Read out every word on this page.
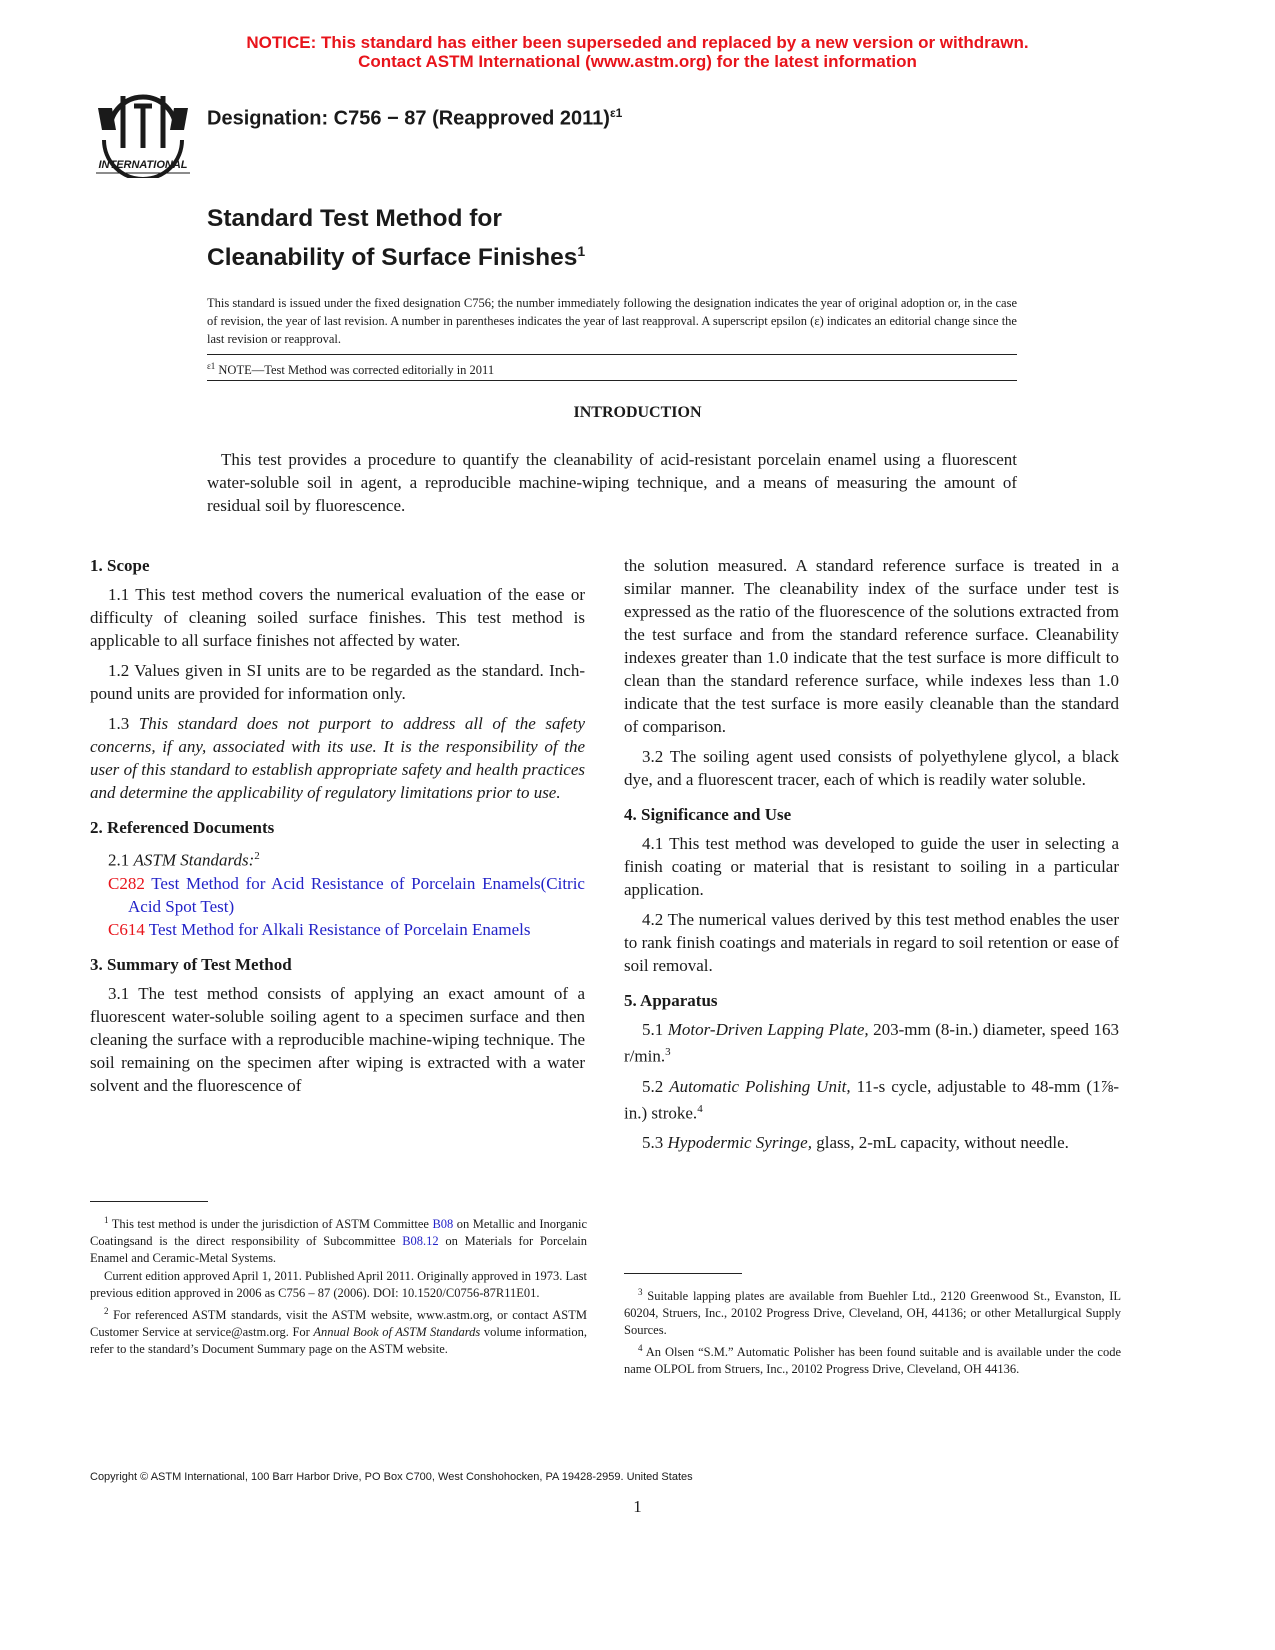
NOTICE: This standard has either been superseded and replaced by a new version or withdrawn.
Contact ASTM International (www.astm.org) for the latest information
INTERNATIONAL
Designation: C756 − 87 (Reapproved 2011)$^{\varepsilon 1}$
Standard Test Method for
Cleanability of Surface Finishes$^1$
This standard is issued under the fixed designation C756; the number immediately following the designation indicates the year of original adoption or, in the case of revision, the year of last revision. A number in parentheses indicates the year of last reapproval. A superscript epsilon (ε) indicates an editorial change since the last revision or reapproval.
$^{\varepsilon 1}$ NOTE—Test Method was corrected editorially in 2011
INTRODUCTION
This test provides a procedure to quantify the cleanability of acid-resistant porcelain enamel using a fluorescent water-soluble soil in agent, a reproducible machine-wiping technique, and a means of measuring the amount of residual soil by fluorescence.
1. Scope

1.1 This test method covers the numerical evaluation of the ease or difficulty of cleaning soiled surface finishes. This test method is applicable to all surface finishes not affected by water.

1.2 Values given in SI units are to be regarded as the standard. Inch-pound units are provided for information only.

1.3 This standard does not purport to address all of the safety concerns, if any, associated with its use. It is the responsibility of the user of this standard to establish appropriate safety and health practices and determine the applicability of regulatory limitations prior to use.

2. Referenced Documents

2.1 ASTM Standards:$^2$

C282 Test Method for Acid Resistance of Porcelain Enamels(Citric Acid Spot Test)
C614 Test Method for Alkali Resistance of Porcelain Enamels
3. Summary of Test Method

3.1 The test method consists of applying an exact amount of a fluorescent water-soluble soiling agent to a specimen surface and then cleaning the surface with a reproducible machine-wiping technique. The soil remaining on the specimen after wiping is extracted with a water solvent and the fluorescence of

the solution measured. A standard reference surface is treated in a similar manner. The cleanability index of the surface under test is expressed as the ratio of the fluorescence of the solutions extracted from the test surface and from the standard reference surface. Cleanability indexes greater than 1.0 indicate that the test surface is more difficult to clean than the standard reference surface, while indexes less than 1.0 indicate that the test surface is more easily cleanable than the standard of comparison.

3.2 The soiling agent used consists of polyethylene glycol, a black dye, and a fluorescent tracer, each of which is readily water soluble.

4. Significance and Use

4.1 This test method was developed to guide the user in selecting a finish coating or material that is resistant to soiling in a particular application.

4.2 The numerical values derived by this test method enables the user to rank finish coatings and materials in regard to soil retention or ease of soil removal.

5. Apparatus

5.1 Motor-Driven Lapping Plate, 203-mm (8-in.) diameter, speed 163 r/min.$^3$

5.2 Automatic Polishing Unit, 11-s cycle, adjustable to 48-mm (1⅞-in.) stroke.$^4$

5.3 Hypodermic Syringe, glass, 2-mL capacity, without needle.

$^1$ This test method is under the jurisdiction of ASTM Committee B08 on Metallic and Inorganic Coatingsand is the direct responsibility of Subcommittee B08.12 on Materials for Porcelain Enamel and Ceramic-Metal Systems.

Current edition approved April 1, 2011. Published April 2011. Originally approved in 1973. Last previous edition approved in 2006 as C756 – 87 (2006). DOI: 10.1520/C0756-87R11E01.

$^2$ For referenced ASTM standards, visit the ASTM website, www.astm.org, or contact ASTM Customer Service at service@astm.org. For Annual Book of ASTM Standards volume information, refer to the standard’s Document Summary page on the ASTM website.

$^3$ Suitable lapping plates are available from Buehler Ltd., 2120 Greenwood St., Evanston, IL 60204, Struers, Inc., 20102 Progress Drive, Cleveland, OH, 44136; or other Metallurgical Supply Sources.

$^4$ An Olsen “S.M.” Automatic Polisher has been found suitable and is available under the code name OLPOL from Struers, Inc., 20102 Progress Drive, Cleveland, OH 44136.

Copyright © ASTM International, 100 Barr Harbor Drive, PO Box C700, West Conshohocken, PA 19428-2959. United States
1
